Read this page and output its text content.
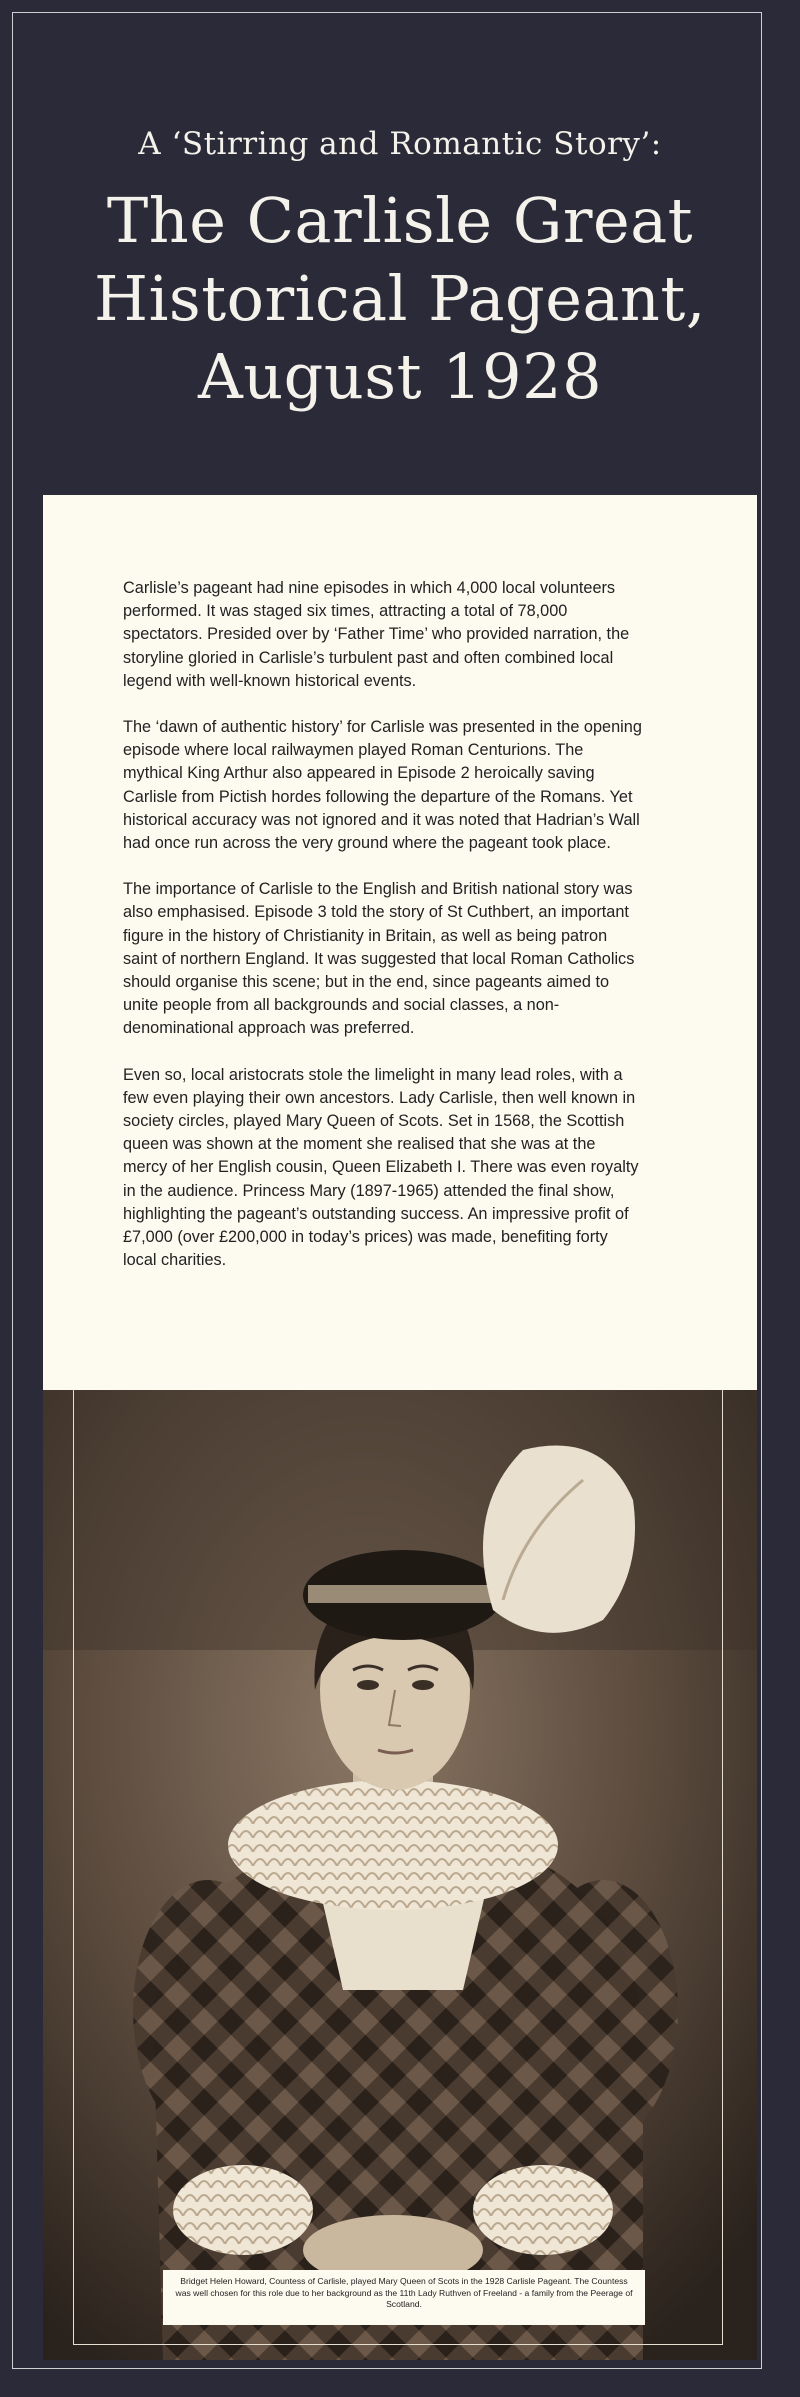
A ‘Stirring and Romantic Story’:
The Carlisle Great Historical Pageant, August 1928

Carlisle’s pageant had nine episodes in which 4,000 local volunteers performed. It was staged six times, attracting a total of 78,000 spectators. Presided over by ‘Father Time’ who provided narration, the storyline gloried in Carlisle’s turbulent past and often combined local legend with well-known historical events.

The ‘dawn of authentic history’ for Carlisle was presented in the opening episode where local railwaymen played Roman Centurions. The mythical King Arthur also appeared in Episode 2 heroically saving Carlisle from Pictish hordes following the departure of the Romans. Yet historical accuracy was not ignored and it was noted that Hadrian’s Wall had once run across the very ground where the pageant took place.

The importance of Carlisle to the English and British national story was also emphasised. Episode 3 told the story of St Cuthbert, an important figure in the history of Christianity in Britain, as well as being patron saint of northern England. It was suggested that local Roman Catholics should organise this scene; but in the end, since pageants aimed to unite people from all backgrounds and social classes, a non-denominational approach was preferred.

Even so, local aristocrats stole the limelight in many lead roles, with a few even playing their own ancestors. Lady Carlisle, then well known in society circles, played Mary Queen of Scots. Set in 1568, the Scottish queen was shown at the moment she realised that she was at the mercy of her English cousin, Queen Elizabeth I. There was even royalty in the audience. Princess Mary (1897-1965) attended the final show, highlighting the pageant’s outstanding success. An impressive profit of £7,000 (over £200,000 in today’s prices) was made, benefiting forty local charities.

Bridget Helen Howard, Countess of Carlisle, played Mary Queen of Scots in the 1928 Carlisle Pageant. The Countess was well chosen for this role due to her background as the 11th Lady Ruthven of Freeland - a family from the Peerage of Scotland.
